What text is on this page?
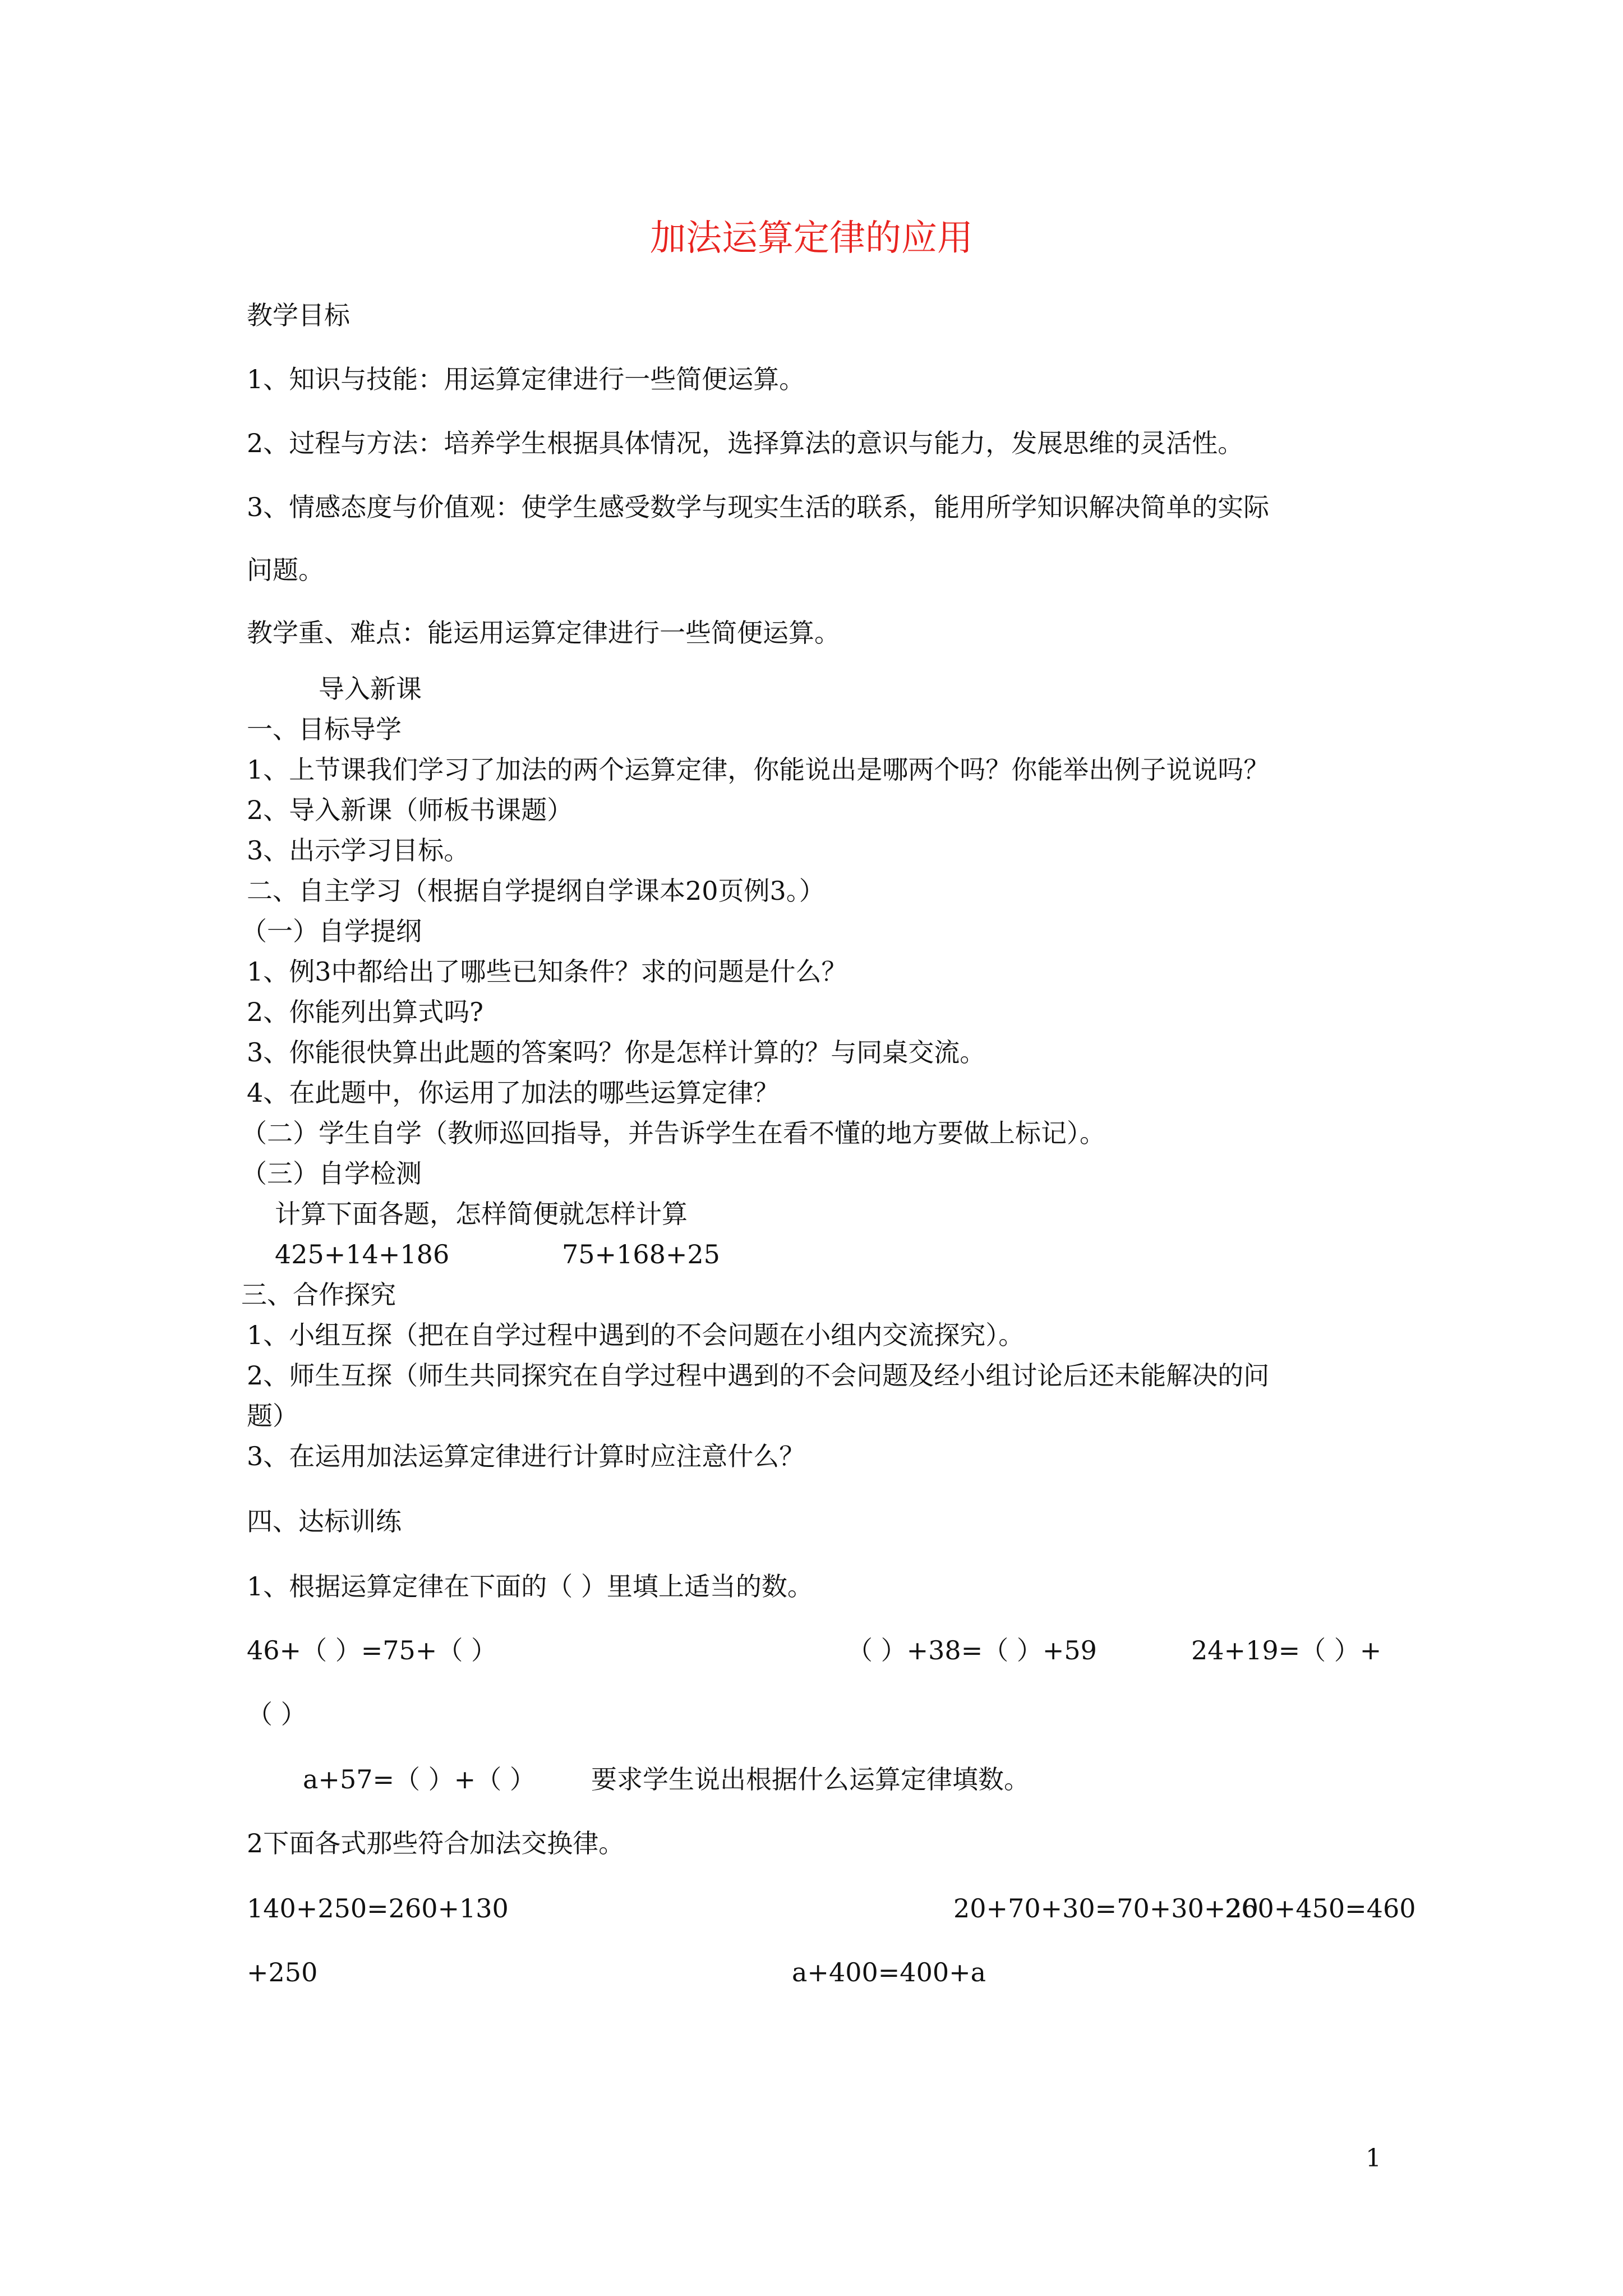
加法运算定律的应用
教学目标
1、知识与技能：用运算定律进行一些简便运算。
2、过程与方法：培养学生根据具体情况，选择算法的意识与能力，发展思维的灵活性。
3、情感态度与价值观：使学生感受数学与现实生活的联系，能用所学知识解决简单的实际
问题。
教学重、难点：能运用运算定律进行一些简便运算。
导入新课
一、目标导学
1、上节课我们学习了加法的两个运算定律，你能说出是哪两个吗？你能举出例子说说吗？
2、导入新课（师板书课题）
3、出示学习目标。
二、自主学习（根据自学提纲自学课本20页例3。）
（一）自学提纲
1、例3中都给出了哪些已知条件？求的问题是什么？
2、你能列出算式吗?
3、你能很快算出此题的答案吗？你是怎样计算的？与同桌交流。
4、在此题中，你运用了加法的哪些运算定律？
（二）学生自学（教师巡回指导，并告诉学生在看不懂的地方要做上标记）。
（三）自学检测
计算下面各题，怎样简便就怎样计算
425+14+186	75+168+25
三、合作探究
1、小组互探（把在自学过程中遇到的不会问题在小组内交流探究）。
2、师生互探（师生共同探究在自学过程中遇到的不会问题及经小组讨论后还未能解决的问
题）
3、在运用加法运算定律进行计算时应注意什么？
四、达标训练
1、根据运算定律在下面的（ ）里填上适当的数。
46+（ ）=75+（ ）	（ ）+38=（ ）+59	24+19=（ ）+
（ ）
a+57=（ ）+（ ） 要求学生说出根据什么运算定律填数。
2下面各式那些符合加法交换律。
140+250=260+130	20+70+30=70+30+20
260+450=460
+250	a+400=400+a
1
